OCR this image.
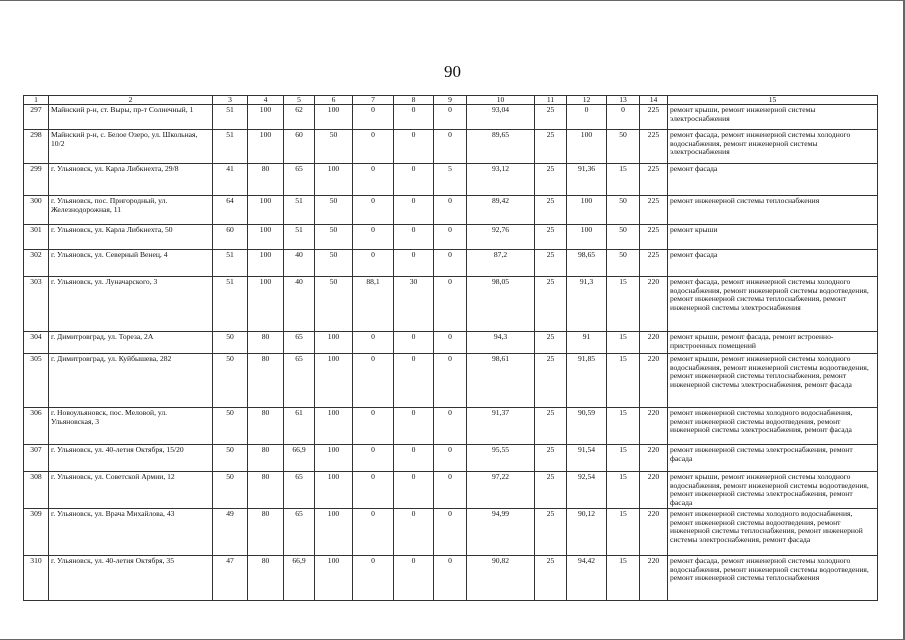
90
1	2	3	4	5	6	7	8	9	10	11	12	13	14	15
297	Майнский р-н, ст. Выры, пр-т Солнечный, 1	51	100	62	100	0	0	0	93,04	25	0	0	225	ремонт крыши, ремонт инженерной системы электроснабжения
298	Майнский р-н, с. Белое Озеро, ул. Школьная, 10/2	51	100	60	50	0	0	0	89,65	25	100	50	225	ремонт фасада, ремонт инженерной системы холодного водоснабжения, ремонт инженерной системы электроснабжения
299	г. Ульяновск, ул. Карла Либкнехта, 29/8	41	80	65	100	0	0	5	93,12	25	91,36	15	225	ремонт фасада
300	г. Ульяновск, пос. Пригородный, ул. Железнодорожная, 11	64	100	51	50	0	0	0	89,42	25	100	50	225	ремонт инженерной системы теплоснабжения
301	г. Ульяновск, ул. Карла Либкнехта, 50	60	100	51	50	0	0	0	92,76	25	100	50	225	ремонт крыши
302	г. Ульяновск, ул. Северный Венец, 4	51	100	40	50	0	0	0	87,2	25	98,65	50	225	ремонт фасада
303	г. Ульяновск, ул. Луначарского, 3	51	100	40	50	88,1	30	0	98,05	25	91,3	15	220	ремонт фасада, ремонт инженерной системы холодного водоснабжения, ремонт инженерной системы водоотведения, ремонт инженерной системы теплоснабжения, ремонт инженерной системы электроснабжения
304	г. Димитровград, ул. Тореза, 2А	50	80	65	100	0	0	0	94,3	25	91	15	220	ремонт крыши, ремонт фасада, ремонт встроенно-пристроенных помещений
305	г. Димитровград, ул. Куйбышева, 282	50	80	65	100	0	0	0	98,61	25	91,85	15	220	ремонт крыши, ремонт инженерной системы холодного водоснабжения, ремонт инженерной системы водоотведения, ремонт инженерной системы теплоснабжения, ремонт инженерной системы электроснабжения, ремонт фасада
306	г. Новоульяновск, пос. Меловой, ул. Ульяновская, 3	50	80	61	100	0	0	0	91,37	25	90,59	15	220	ремонт инженерной системы холодного водоснабжения, ремонт инженерной системы водоотведения, ремонт инженерной системы электроснабжения, ремонт фасада
307	г. Ульяновск, ул. 40-летия Октября, 15/20	50	80	66,9	100	0	0	0	95,55	25	91,54	15	220	ремонт инженерной системы электроснабжения, ремонт фасада
308	г. Ульяновск, ул. Советской Армии, 12	50	80	65	100	0	0	0	97,22	25	92,54	15	220	ремонт крыши, ремонт инженерной системы холодного водоснабжения, ремонт инженерной системы водоотведения, ремонт инженерной системы электроснабжения, ремонт фасада
309	г. Ульяновск, ул. Врача Михайлова, 43	49	80	65	100	0	0	0	94,99	25	90,12	15	220	ремонт инженерной системы холодного водоснабжения, ремонт инженерной системы водоотведения, ремонт инженерной системы теплоснабжения, ремонт инженерной системы электроснабжения, ремонт фасада
310	г. Ульяновск, ул. 40-летия Октября, 35	47	80	66,9	100	0	0	0	90,82	25	94,42	15	220	ремонт фасада, ремонт инженерной системы холодного водоснабжения, ремонт инженерной системы водоотведения, ремонт инженерной системы теплоснабжения
